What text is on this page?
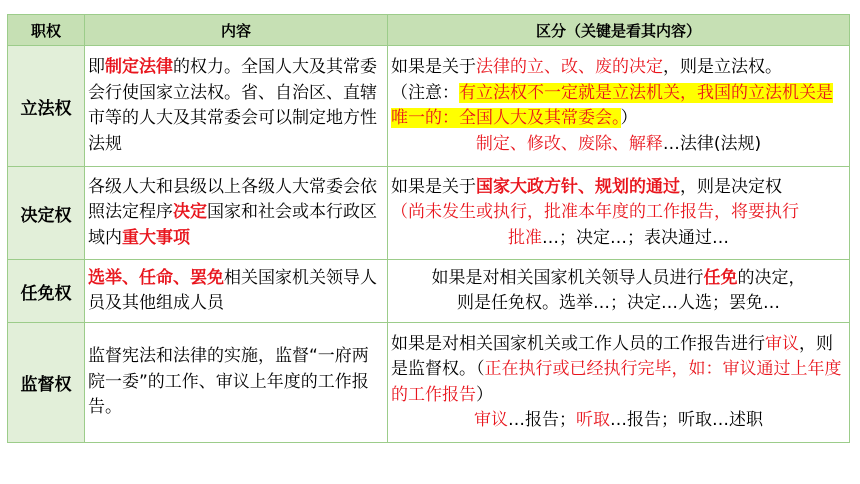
职权	内容	区分（关键是看其内容）
立法权	即制定法律的权力。全国人大及其常委会行使国家立法权。省、自治区、直辖市等的人大及其常委会可以制定地方性法规	如果是关于法律的立、改、废的决定，则是立法权。
（注意：有立法权不一定就是立法机关，我国的立法机关是唯一的：全国人大及其常委会。）
制定、修改、废除、解释…法律(法规)

决定权	各级人大和县级以上各级人大常委会依照法定程序决定国家和社会或本行政区域内重大事项	如果是关于国家大政方针、规划的通过，则是决定权
（尚未发生或执行，批准本年度的工作报告，将要执行
批准…；决定…；表决通过…

任免权	选举、任命、罢免相关国家机关领导人员及其他组成人员	如果是对相关国家机关领导人员进行任免的决定，
则是任免权。选举…；决定…人选；罢免…

监督权	监督宪法和法律的实施，监督“一府两院一委”的工作、审议上年度的工作报告。	如果是对相关国家机关或工作人员的工作报告进行审议，则是监督权。（正在执行或已经执行完毕，如：审议通过上年度的工作报告）
审议…报告；听取…报告；听取…述职
